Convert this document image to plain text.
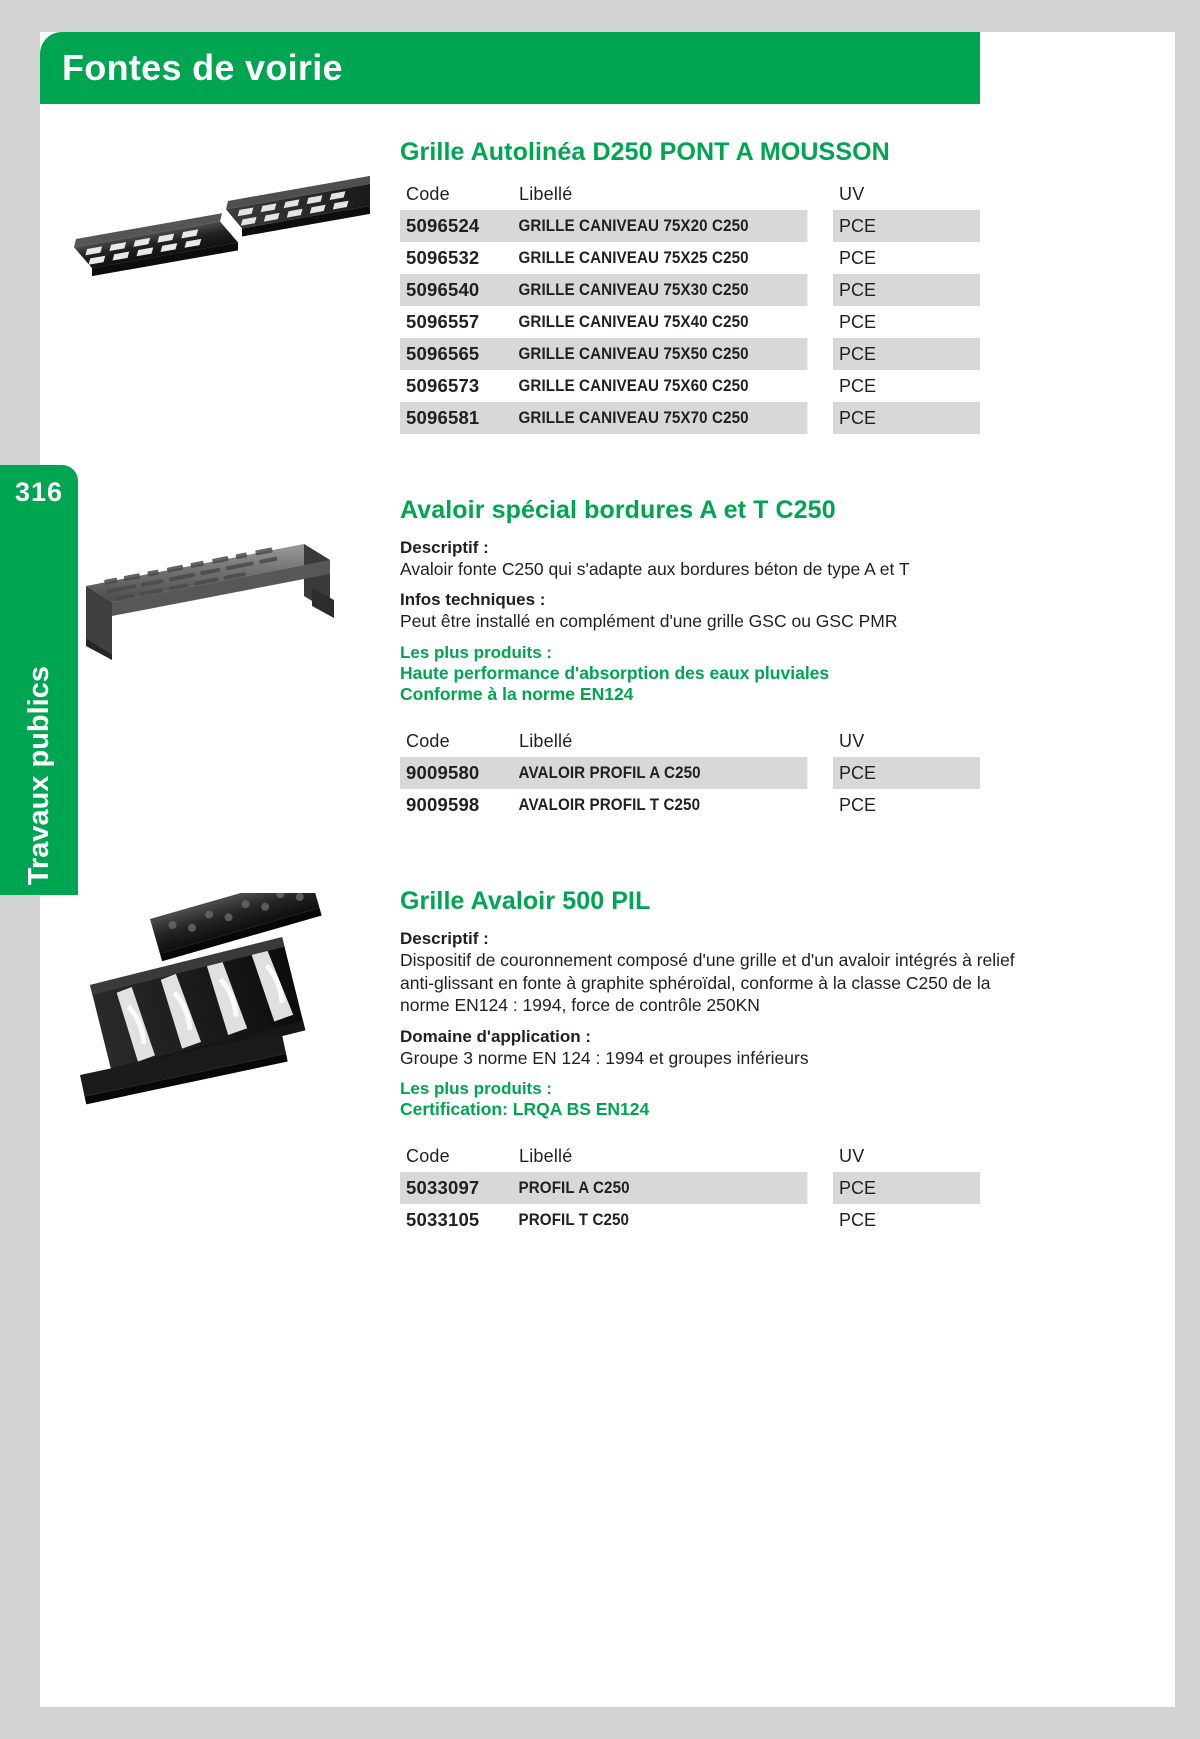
Fontes de voirie
316
Travaux publics
Grille Autolinéa D250 PONT A MOUSSON
Code	Libellé	UV
5096524	GRILLE CANIVEAU 75X20 C250	PCE
5096532	GRILLE CANIVEAU 75X25 C250	PCE
5096540	GRILLE CANIVEAU 75X30 C250	PCE
5096557	GRILLE CANIVEAU 75X40 C250	PCE
5096565	GRILLE CANIVEAU 75X50 C250	PCE
5096573	GRILLE CANIVEAU 75X60 C250	PCE
5096581	GRILLE CANIVEAU 75X70 C250	PCE
Avaloir spécial bordures A et T C250
Descriptif :
Avaloir fonte C250 qui s'adapte aux bordures béton de type A et T
Infos techniques :
Peut être installé en complément d'une grille GSC ou GSC PMR
Les plus produits :
Haute performance d'absorption des eaux pluviales
Conforme à la norme EN124
Code	Libellé	UV
9009580	AVALOIR PROFIL A C250	PCE
9009598	AVALOIR PROFIL T C250	PCE
Grille Avaloir 500 PIL
Descriptif :
Dispositif de couronnement composé d'une grille et d'un avaloir intégrés à relief anti-glissant en fonte à graphite sphéroïdal, conforme à la classe C250 de la norme EN124 : 1994, force de contrôle 250KN
Domaine d'application :
Groupe 3 norme EN 124 : 1994 et groupes inférieurs
Les plus produits :
Certification: LRQA BS EN124
Code	Libellé	UV
5033097	PROFIL A C250	PCE
5033105	PROFIL T C250	PCE
